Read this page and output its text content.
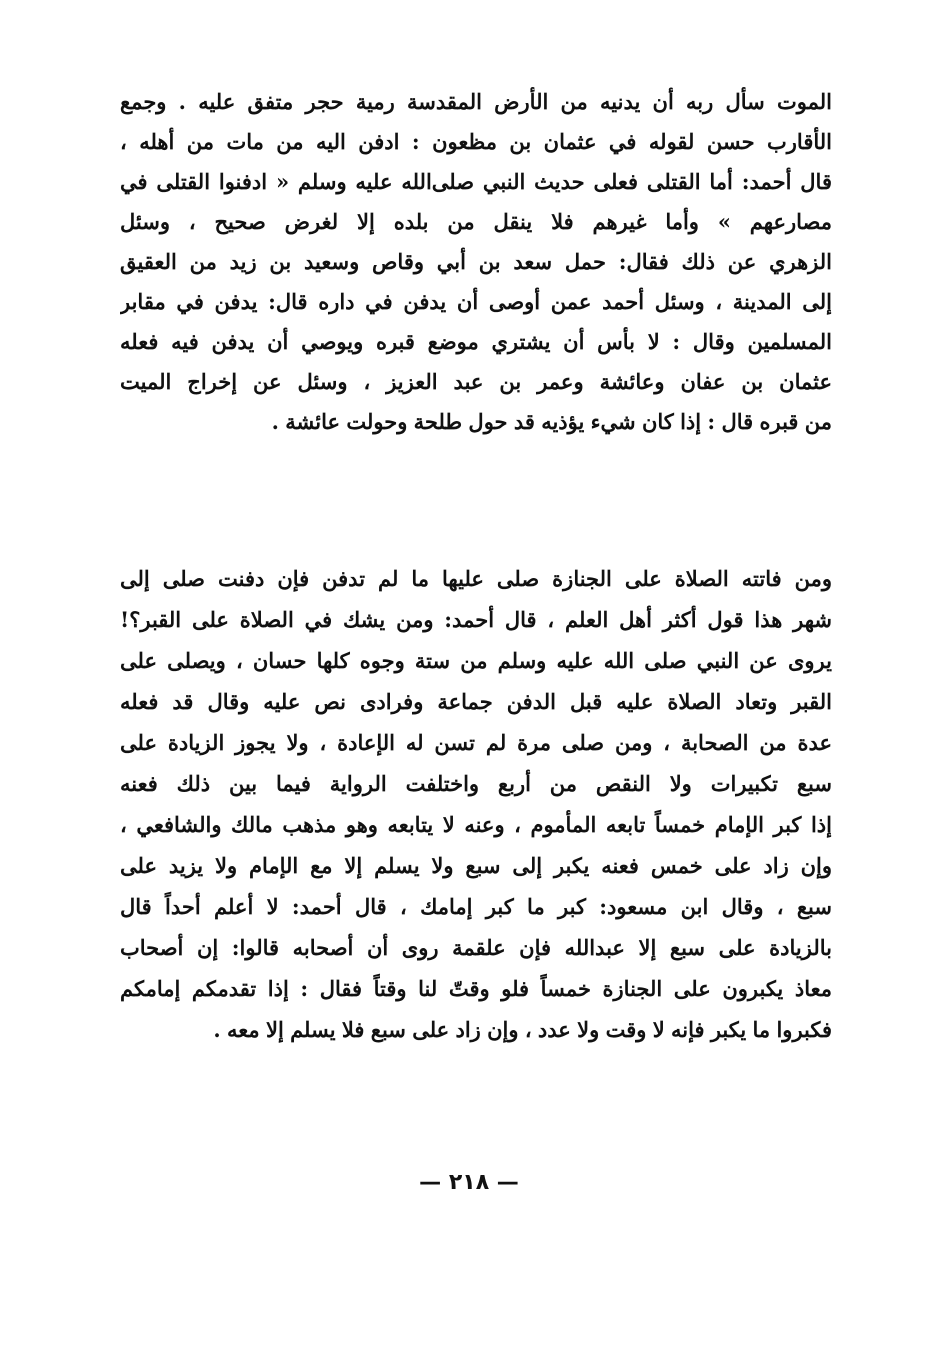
الموت سأل ربه أن يدنيه من الأرض المقدسة رمية حجر متفق عليه . وجمع
الأقارب حسن لقوله في عثمان بن مظعون : ادفن اليه من مات من أهله ،
قال أحمد: أما القتلى فعلى حديث النبي صلى‌الله عليه وسلم « ادفنوا القتلى في
مصارعهم » وأما غيرهم فلا ينقل من بلده إلا لغرض صحيح ، وسئل
الزهري عن ذلك فقال: حمل سعد بن أبي وقاص وسعيد بن زيد من العقيق
إلى المدينة ، وسئل أحمد عمن أوصى أن يدفن في داره قال: يدفن في مقابر
المسلمين وقال : لا بأس أن يشتري موضع قبره ويوصي أن يدفن فيه فعله
عثمان بن عفان وعائشة وعمر بن عبد العزيز ، وسئل عن إخراج الميت
من قبره قال : إذا كان شيء يؤذيه قد حول طلحة وحولت عائشة .
ومن فاتته الصلاة على الجنازة صلى عليها ما لم تدفن فإن دفنت صلى إلى
شهر هذا قول أكثر أهل العلم ، قال أحمد: ومن يشك في الصلاة على القبر؟!
يروى عن النبي صلى الله عليه وسلم من ستة وجوه كلها حسان ، ويصلى على
القبر وتعاد الصلاة عليه قبل الدفن جماعة وفرادى نص عليه وقال قد فعله
عدة من الصحابة ، ومن صلى مرة لم تسن له الإعادة ، ولا يجوز الزيادة على
سبع تكبيرات ولا النقص من أربع واختلفت الرواية فيما بين ذلك فعنه
إذا كبر الإمام خمساً تابعه المأموم ، وعنه لا يتابعه وهو مذهب مالك والشافعي ،
وإن زاد على خمس فعنه يكبر إلى سبع ولا يسلم إلا مع الإمام ولا يزيد على
سبع ، وقال ابن مسعود: كبر ما كبر إمامك ، قال أحمد: لا أعلم أحداً قال
بالزيادة على سبع إلا عبدالله فإن علقمة روى أن أصحابه قالوا: إن أصحاب
معاذ يكبرون على الجنازة خمساً فلو وقتّ لنا وقتاً فقال : إذا تقدمكم إمامكم
فكبروا ما يكبر فإنه لا وقت ولا عدد ، وإن زاد على سبع فلا يسلم إلا معه .
— ٢١٨ —
